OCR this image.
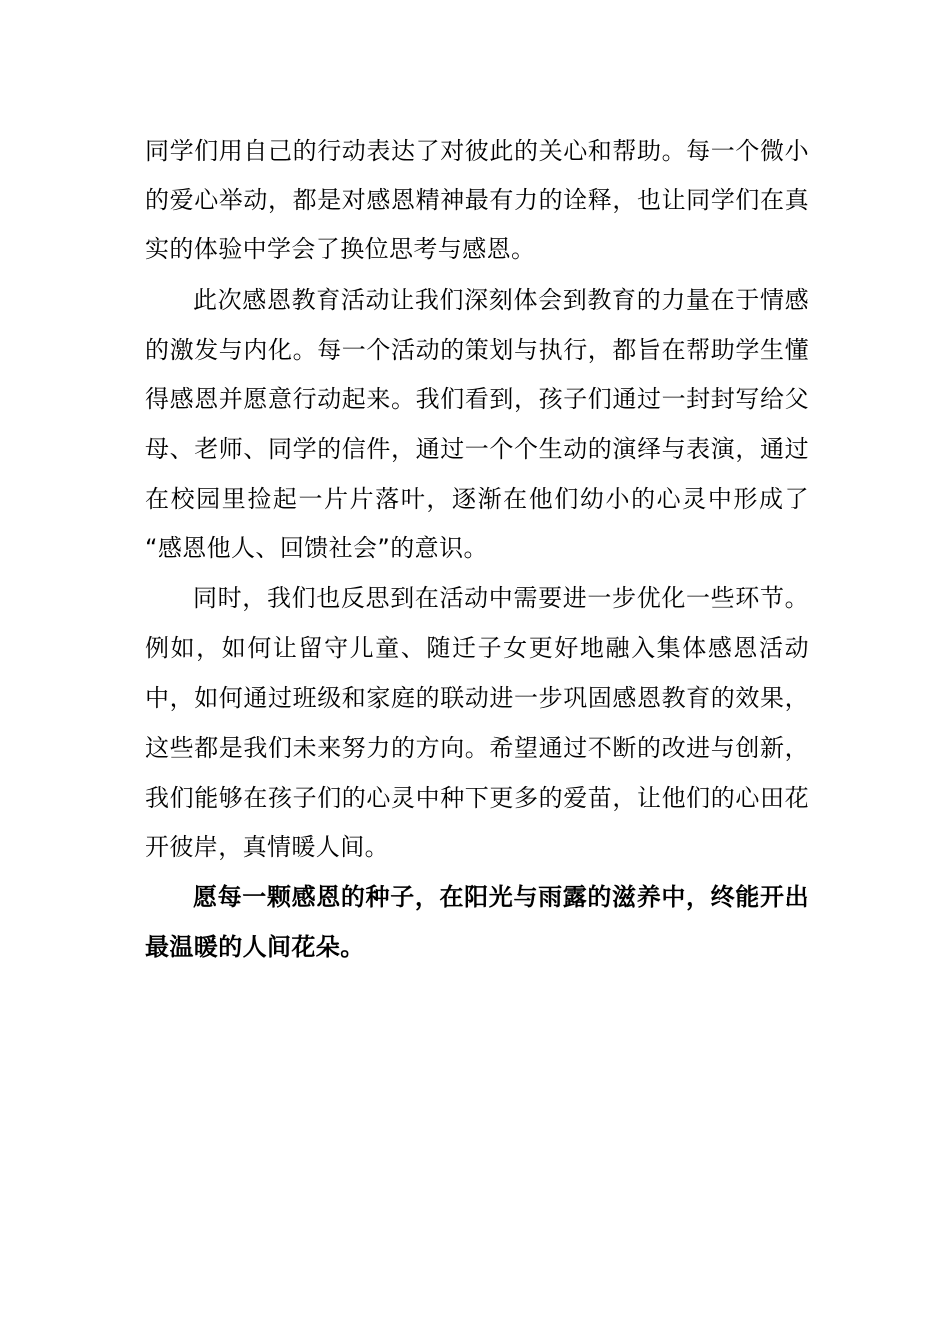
同学们用自己的行动表达了对彼此的关心和帮助。每一个微小
的爱心举动，都是对感恩精神最有力的诠释，也让同学们在真
实的体验中学会了换位思考与感恩。
此次感恩教育活动让我们深刻体会到教育的力量在于情感
的激发与内化。每一个活动的策划与执行，都旨在帮助学生懂
得感恩并愿意行动起来。我们看到，孩子们通过一封封写给父
母、老师、同学的信件，通过一个个生动的演绎与表演，通过
在校园里捡起一片片落叶，逐渐在他们幼小的心灵中形成了
“感恩他人、回馈社会”的意识。
同时，我们也反思到在活动中需要进一步优化一些环节。
例如，如何让留守儿童、随迁子女更好地融入集体感恩活动
中，如何通过班级和家庭的联动进一步巩固感恩教育的效果，
这些都是我们未来努力的方向。希望通过不断的改进与创新，
我们能够在孩子们的心灵中种下更多的爱苗，让他们的心田花
开彼岸，真情暖人间。
愿每一颗感恩的种子，在阳光与雨露的滋养中，终能开出
最温暖的人间花朵。
